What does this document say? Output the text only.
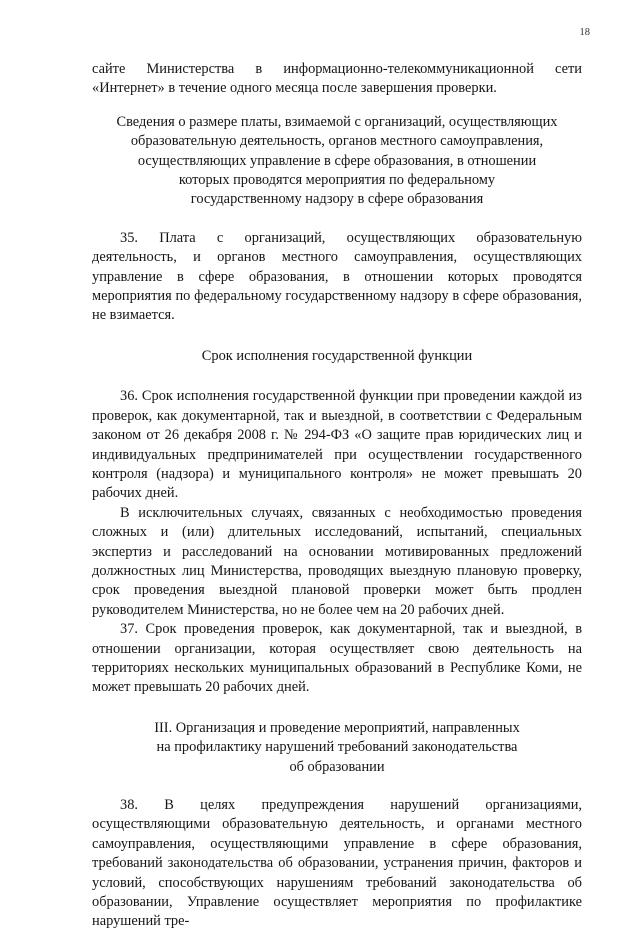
18

сайте Министерства в информационно-телекоммуникационной сети «Интернет» в течение одного месяца после завершения проверки.

Сведения о размере платы, взимаемой с организаций, осуществляющих
образовательную деятельность, органов местного самоуправления,
осуществляющих управление в сфере образования, в отношении
которых проводятся мероприятия по федеральному
государственному надзору в сфере образования

35. Плата с организаций, осуществляющих образовательную деятельность, и органов местного самоуправления, осуществляющих управление в сфере образования, в отношении которых проводятся мероприятия по федеральному государственному надзору в сфере образования, не взимается.

Срок исполнения государственной функции

36. Срок исполнения государственной функции при проведении каждой из проверок, как документарной, так и выездной, в соответствии с Федеральным законом от 26 декабря 2008 г. № 294-ФЗ «О защите прав юридических лиц и индивидуальных предпринимателей при осуществлении государственного контроля (надзора) и муниципального контроля» не может превышать 20 рабочих дней.

В исключительных случаях, связанных с необходимостью проведения сложных и (или) длительных исследований, испытаний, специальных экспертиз и расследований на основании мотивированных предложений должностных лиц Министерства, проводящих выездную плановую проверку, срок проведения выездной плановой проверки может быть продлен руководителем Министерства, но не более чем на 20 рабочих дней.

37. Срок проведения проверок, как документарной, так и выездной, в отношении организации, которая осуществляет свою деятельность на территориях нескольких муниципальных образований в Республике Коми, не может превышать 20 рабочих дней.

III. Организация и проведение мероприятий, направленных
на профилактику нарушений требований законодательства
об образовании

38. В целях предупреждения нарушений организациями, осуществляющими образовательную деятельность, и органами местного самоуправления, осуществляющими управление в сфере образования, требований законодательства об образовании, устранения причин, факторов и условий, способствующих нарушениям требований законодательства об образовании, Управление осуществляет мероприятия по профилактике нарушений тре-
